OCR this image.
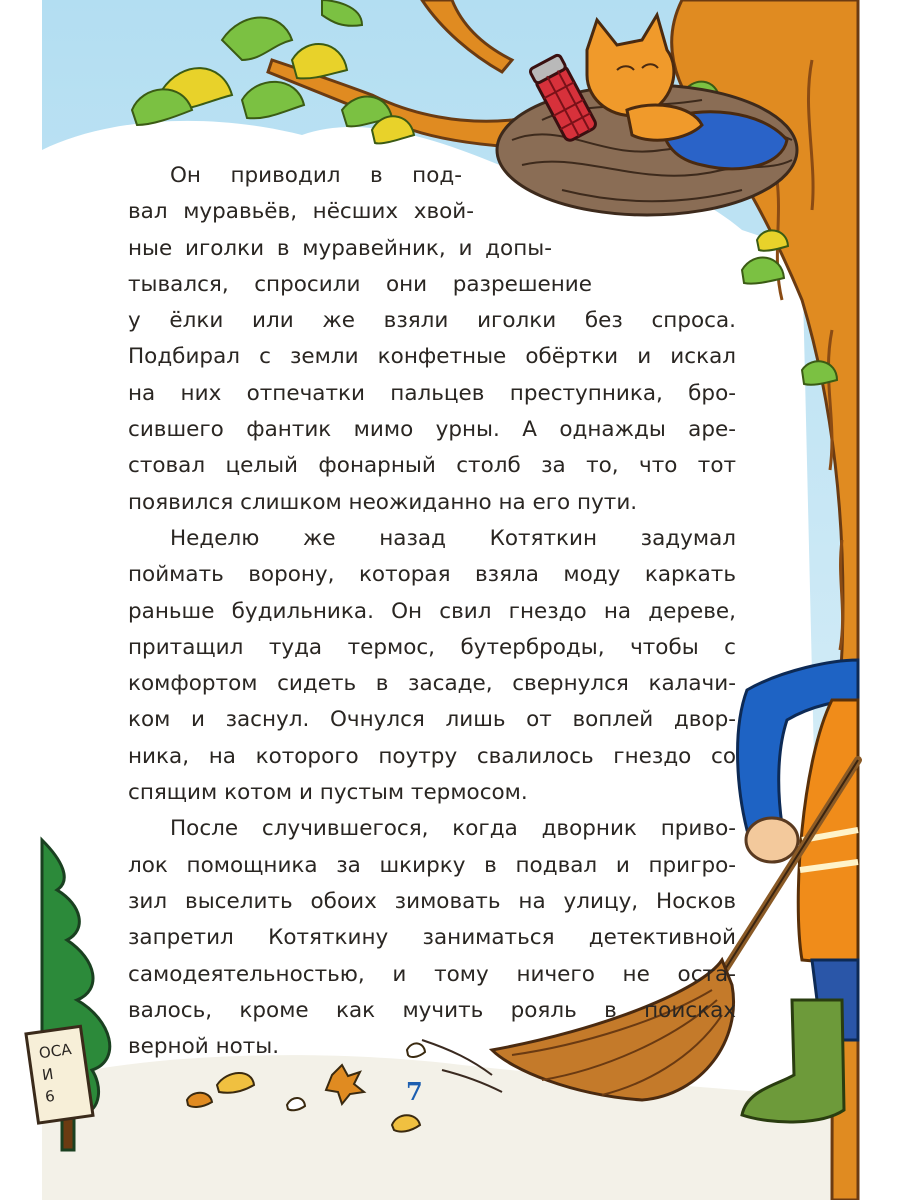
Он приводил в под-
вал муравьёв, нёсших хвой-
ные иголки в муравейник, и допы-
тывался, спросили они разрешение
у ёлки или же взяли иголки без спроса.
Подбирал с земли конфетные обёртки и искал
на них отпечатки пальцев преступника, бро-
сившего фантик мимо урны. А однажды аре-
стовал целый фонарный столб за то, что тот
появился слишком неожиданно на его пути.

Неделю же назад Котяткин задумал
поймать ворону, которая взяла моду каркать
раньше будильника. Он свил гнездо на дереве,
притащил туда термос, бутерброды, чтобы с
комфортом сидеть в засаде, свернулся калачи-
ком и заснул. Очнулся лишь от воплей двор-
ника, на которого поутру свалилось гнездо со
спящим котом и пустым термосом.

После случившегося, когда дворник приво-
лок помощника за шкирку в подвал и пригро-
зил выселить обоих зимовать на улицу, Носков
запретил Котяткину заниматься детективной
самодеятельностью, и тому ничего не оста-
валось, кроме как мучить рояль в поисках
верной ноты.

ОСА
И
6	7
